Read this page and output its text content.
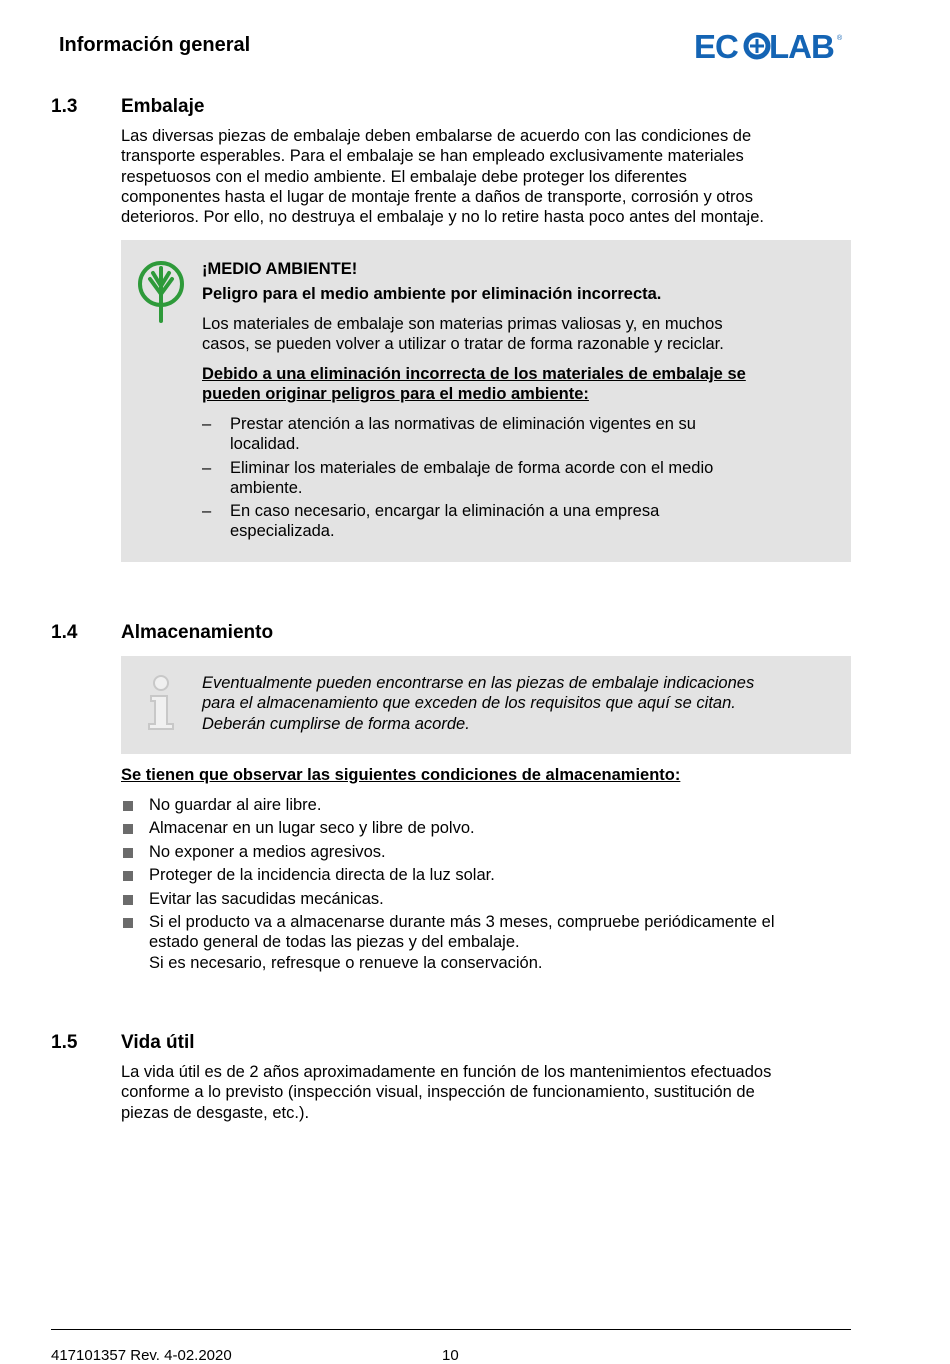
Información general	EC LAB ®
1.3 Embalaje
Las diversas piezas de embalaje deben embalarse de acuerdo con las condiciones de
transporte esperables. Para el embalaje se han empleado exclusivamente materiales
respetuosos con el medio ambiente. El embalaje debe proteger los diferentes
componentes hasta el lugar de montaje frente a daños de transporte, corrosión y otros
deterioros. Por ello, no destruya el embalaje y no lo retire hasta poco antes del montaje.
¡MEDIO AMBIENTE!
Peligro para el medio ambiente por eliminación incorrecta.
Los materiales de embalaje son materias primas valiosas y, en muchos
casos, se pueden volver a utilizar o tratar de forma razonable y reciclar.
Debido a una eliminación incorrecta de los materiales de embalaje se
pueden originar peligros para el medio ambiente:
– Prestar atención a las normativas de eliminación vigentes en su
localidad.
– Eliminar los materiales de embalaje de forma acorde con el medio
ambiente.
– En caso necesario, encargar la eliminación a una empresa
especializada.
1.4 Almacenamiento
Eventualmente pueden encontrarse en las piezas de embalaje indicaciones
para el almacenamiento que exceden de los requisitos que aquí se citan.
Deberán cumplirse de forma acorde.
Se tienen que observar las siguientes condiciones de almacenamiento:
No guardar al aire libre.
Almacenar en un lugar seco y libre de polvo.
No exponer a medios agresivos.
Proteger de la incidencia directa de la luz solar.
Evitar las sacudidas mecánicas.
Si el producto va a almacenarse durante más 3 meses, compruebe periódicamente el
estado general de todas las piezas y del embalaje.
Si es necesario, refresque o renueve la conservación.
1.5 Vida útil
La vida útil es de 2 años aproximadamente en función de los mantenimientos efectuados
conforme a lo previsto (inspección visual, inspección de funcionamiento, sustitución de
piezas de desgaste, etc.).
417101357 Rev. 4-02.2020	10
